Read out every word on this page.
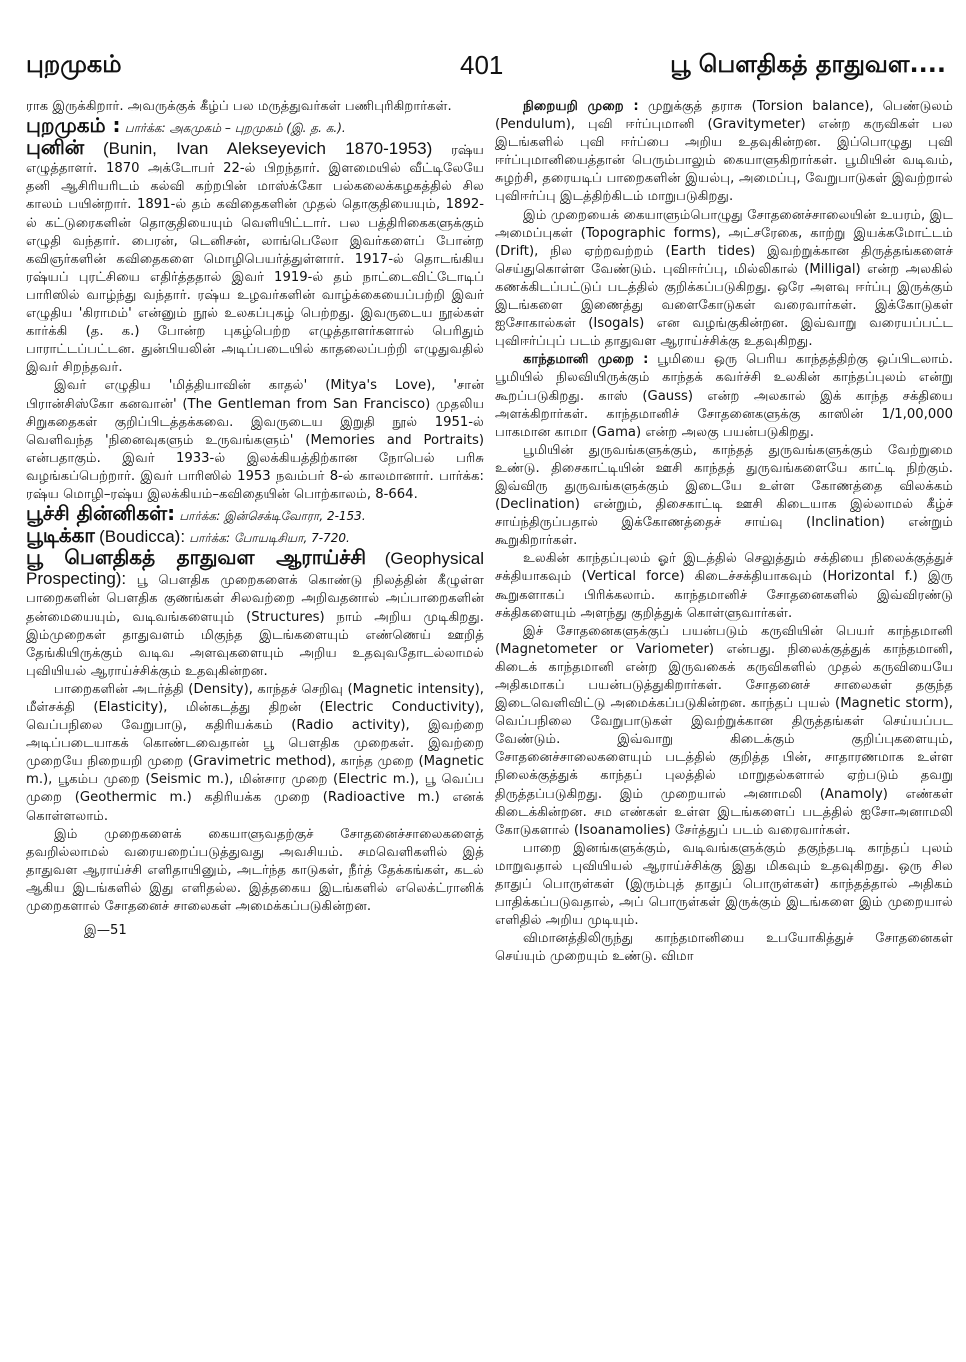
புறமுகம்	401	பூ பௌதிகத் தாதுவள....

ராக இருக்கிறார். அவருக்குக் கீழ்ப் பல மருத்துவர்கள் பணிபுரிகிறார்கள்.

புறமுகம் : பார்க்க: அகமுகம் – புறமுகம் (இ. த. க.).

புனின் (Bunin, Ivan Alekseyevich 1870-1953) ரஷ்ய எழுத்தாளர். 1870 அக்டோபர் 22-ல் பிறந்தார். இளமையில் வீட்டிலேயே தனி ஆசிரியரிடம் கல்வி கற்றபின் மாஸ்க்கோ பல்கலைக்கழகத்தில் சில காலம் பயின்றார். 1891-ல் தம் கவிதைகளின் முதல் தொகுதியையும், 1892-ல் கட்டுரைகளின் தொகுதியையும் வெளியிட்டார். பல பத்திரிகைகளுக்கும் எழுதி வந்தார். பைரன், டெனிசன், லாங்பெலோ இவர்களைப் போன்ற கவிஞர்களின் கவிதைகளை மொழிபெயர்த்துள்ளார். 1917-ல் தொடங்கிய ரஷ்யப் புரட்சியை எதிர்த்ததால் இவர் 1919-ல் தம் நாட்டைவிட்டோடிப் பாரிஸில் வாழ்ந்து வந்தார். ரஷ்ய உழவர்களின் வாழ்க்கையைப்பற்றி இவர் எழுதிய 'கிராமம்' என்னும் நூல் உலகப்புகழ் பெற்றது. இவருடைய நூல்கள் கார்க்கி (த. க.) போன்ற புகழ்பெற்ற எழுத்தாளர்களால் பெரிதும் பாராட்டப்பட்டன. துன்பியலின் அடிப்படையில் காதலைப்பற்றி எழுதுவதில் இவர் சிறந்தவர்.

இவர் எழுதிய 'மித்தியாவின் காதல்' (Mitya's Love), 'சான் பிரான்சிஸ்கோ கனவான்' (The Gentleman from San Francisco) முதலிய சிறுகதைகள் குறிப்பிடத்தக்கவை. இவருடைய இறுதி நூல் 1951-ல் வெளிவந்த 'நினைவுகளும் உருவங்களும்' (Memories and Portraits) என்பதாகும். இவர் 1933-ல் இலக்கியத்திற்கான நோபெல் பரிசு வழங்கப்பெற்றார். இவர் பாரிஸில் 1953 நவம்பர் 8-ல் காலமானார். பார்க்க: ரஷ்ய மொழி–ரஷ்ய இலக்கியம்–கவிதையின் பொற்காலம், 8-664.

பூச்சி தின்னிகள்: பார்க்க: இன்செக்டிவோரா, 2-153.

பூடிக்கா (Boudicca): பார்க்க: போயடிசியா, 7-720.

பூ பௌதிகத் தாதுவள ஆராய்ச்சி (Geophysical Prospecting): பூ பௌதிக முறைகளைக் கொண்டு நிலத்தின் கீழுள்ள பாறைகளின் பௌதிக குணங்கள் சிலவற்றை அறிவதனால் அப்பாறைகளின் தன்மையையும், வடிவங்களையும் (Structures) நாம் அறிய முடிகிறது. இம்முறைகள் தாதுவளம் மிகுந்த இடங்களையும் எண்ணெய் ஊறித் தேங்கியிருக்கும் வடிவ அளவுகளையும் அறிய உதவுவதோடல்லாமல் புவியியல் ஆராய்ச்சிக்கும் உதவுகின்றன.

பாறைகளின் அடர்த்தி (Density), காந்தச் செறிவு (Magnetic intensity), மீள்சக்தி (Elasticity), மின்கடத்து திறன் (Electric Conductivity), வெப்பநிலை வேறுபாடு, கதிரியக்கம் (Radio activity), இவற்றை அடிப்படையாகக் கொண்டவைதான் பூ பௌதிக முறைகள். இவற்றை முறையே நிறையறி முறை (Gravimetric method), காந்த முறை (Magnetic m.), பூகம்ப முறை (Seismic m.), மின்சார முறை (Electric m.), பூ வெப்ப முறை (Geothermic m.) கதிரியக்க முறை (Radioactive m.) எனக் கொள்ளலாம்.

இம் முறைகளைக் கையாளுவதற்குச் சோதனைச்சாலைகளைத் தவறில்லாமல் வரையறைப்படுத்துவது அவசியம். சமவெளிகளில் இத் தாதுவள ஆராய்ச்சி எளிதாயினும், அடர்ந்த காடுகள், நீர்த் தேக்கங்கள், கடல் ஆகிய இடங்களில் இது எளிதல்ல. இத்தகைய இடங்களில் எலெக்ட்ரானிக் முறைகளால் சோதனைச் சாலைகள் அமைக்கப்படுகின்றன.

இ—51

நிறையறி முறை : முறுக்குத் தராசு (Torsion balance), பெண்டுலம் (Pendulum), புவி ஈர்ப்புமானி (Gravitymeter) என்ற கருவிகள் பல இடங்களில் புவி ஈர்ப்பை அறிய உதவுகின்றன. இப்பொழுது புவி ஈர்ப்புமானியைத்தான் பெரும்பாலும் கையாளுகிறார்கள். பூமியின் வடிவம், சுழற்சி, தரையடிப் பாறைகளின் இயல்பு, அமைப்பு, வேறுபாடுகள் இவற்றால் புவிஈர்ப்பு இடத்திற்கிடம் மாறுபடுகிறது.

இம் முறையைக் கையாளும்பொழுது சோதனைச்சாலையின் உயரம், இட அமைப்புகள் (Topographic forms), அட்சரேகை, காற்று இயக்கமோட்டம் (Drift), நில ஏற்றவற்றம் (Earth tides) இவற்றுக்கான திருத்தங்களைச் செய்துகொள்ள வேண்டும். புவிஈர்ப்பு, மில்லிகால் (Milligal) என்ற அலகில் கணக்கிடப்பட்டுப் படத்தில் குறிக்கப்படுகிறது. ஒரே அளவு ஈர்ப்பு இருக்கும் இடங்களை இணைத்து வளைகோடுகள் வரைவார்கள். இக்கோடுகள் ஐசோகால்கள் (Isogals) என வழங்குகின்றன. இவ்வாறு வரையப்பட்ட புவிஈர்ப்புப் படம் தாதுவள ஆராய்ச்சிக்கு உதவுகிறது.

காந்தமானி முறை : பூமியை ஒரு பெரிய காந்தத்திற்கு ஒப்பிடலாம். பூமியில் நிலவியிருக்கும் காந்தக் கவர்ச்சி உலகின் காந்தப்புலம் என்று கூறப்படுகிறது. காஸ் (Gauss) என்ற அலகால் இக் காந்த சக்தியை அளக்கிறார்கள். காந்தமானிச் சோதனைகளுக்கு காஸின் 1/1,00,000 பாகமான காமா (Gama) என்ற அலகு பயன்படுகிறது.

பூமியின் துருவங்களுக்கும், காந்தத் துருவங்களுக்கும் வேற்றுமை உண்டு. திசைகாட்டியின் ஊசி காந்தத் துருவங்களையே காட்டி நிற்கும். இவ்விரு துருவங்களுக்கும் இடையே உள்ள கோணத்தை விலக்கம் (Declination) என்றும், திசைகாட்டி ஊசி கிடையாக இல்லாமல் கீழ்ச் சாய்ந்திருப்பதால் இக்கோணத்தைச் சாய்வு (Inclination) என்றும் கூறுகிறார்கள்.

உலகின் காந்தப்புலம் ஓர் இடத்தில் செலுத்தும் சக்தியை நிலைக்குத்துச் சக்தியாகவும் (Vertical force) கிடைச்சக்தியாகவும் (Horizontal f.) இரு கூறுகளாகப் பிரிக்கலாம். காந்தமானிச் சோதனைகளில் இவ்விரண்டு சக்திகளையும் அளந்து குறித்துக் கொள்ளுவார்கள்.

இச் சோதனைகளுக்குப் பயன்படும் கருவியின் பெயர் காந்தமானி (Magnetometer or Variometer) என்பது. நிலைக்குத்துக் காந்தமானி, கிடைக் காந்தமானி என்ற இருவகைக் கருவிகளில் முதல் கருவியையே அதிகமாகப் பயன்படுத்துகிறார்கள். சோதனைச் சாலைகள் தகுந்த இடைவெளிவிட்டு அமைக்கப்படுகின்றன. காந்தப் புயல் (Magnetic storm), வெப்பநிலை வேறுபாடுகள் இவற்றுக்கான திருத்தங்கள் செய்யப்பட வேண்டும். இவ்வாறு கிடைக்கும் குறிப்புகளையும், சோதனைச்சாலைகளையும் படத்தில் குறித்த பின், சாதாரணமாக உள்ள நிலைக்குத்துக் காந்தப் புலத்தில் மாறுதல்களால் ஏற்படும் தவறு திருத்தப்படுகிறது. இம் முறையால் அனாமலி (Anamoly) எண்கள் கிடைக்கின்றன. சம எண்கள் உள்ள இடங்களைப் படத்தில் ஐசோஅனாமலி கோடுகளால் (Isoanamolies) சேர்த்துப் படம் வரைவார்கள்.

பாறை இனங்களுக்கும், வடிவங்களுக்கும் தகுந்தபடி காந்தப் புலம் மாறுவதால் புவியியல் ஆராய்ச்சிக்கு இது மிகவும் உதவுகிறது. ஒரு சில தாதுப் பொருள்கள் (இரும்புத் தாதுப் பொருள்கள்) காந்தத்தால் அதிகம் பாதிக்கப்படுவதால், அப் பொருள்கள் இருக்கும் இடங்களை இம் முறையால் எளிதில் அறிய முடியும்.

விமானத்திலிருந்து காந்தமானியை உபயோகித்துச் சோதனைகள் செய்யும் முறையும் உண்டு. விமா
